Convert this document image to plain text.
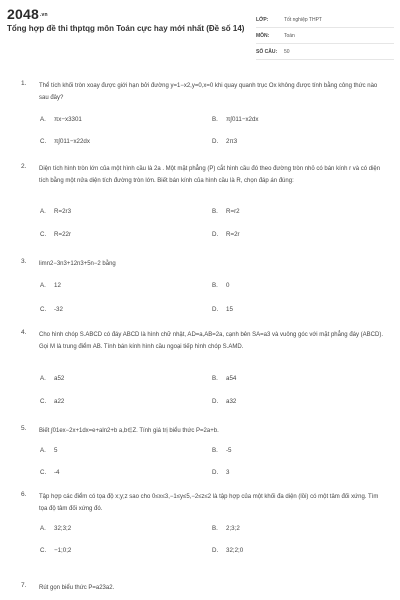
2048.vn
Tổng hợp đề thi thptqg môn Toán cực hay mới nhất (Đề số 14)
LỚP:	Tốt nghiệp THPT
MÔN:	Toán
SỐ CÂU:	50
1. Thể tích khối tròn xoay được giới hạn bởi đường y=1−x2,y=0,x=0 khi quay quanh trục Ox không được tính bằng công thức nào sau đây?
A.	πx−x3301	B.	π∫011−x2dx
C.	π∫011−x22dx	D.	2π3
2. Diện tích hình tròn lớn của một hình cầu là 2a . Một mặt phẳng (P) cắt hình cầu đó theo đường tròn nhỏ có bán kính r và có diện tích bằng một nửa diện tích đường tròn lớn. Biết bán kính của hình cầu là R, chọn đáp án đúng:
A.	R=2r3	B.	R=r2
C.	R=22r	D.	R=2r
3. limn2−3n3+12n3+5n−2 bằng
A.	12	B.	0
C.	-32	D.	15
4. Cho hình chóp S.ABCD có đáy ABCD là hình chữ nhật, AD=a,AB=2a, cạnh bên SA=a3 và vuông góc với mặt phẳng đáy (ABCD). Gọi M là trung điểm AB. Tính bán kính hình cầu ngoại tiếp hình chóp S.AMD.
A.	a52	B.	a54
C.	a22	D.	a32
5. Biết ∫01ex−2x+1dx=e+aln2+b a,b∈Z. Tính giá trị biểu thức P=2a+b.
A.	5	B.	-5
C.	-4	D.	3
6. Tập hợp các điểm có tọa độ x;y;z sao cho 0≤x≤3,−1≤y≤5,−2≤z≤2 là tập hợp của một khối đa diện (lồi) có một tâm đối xứng. Tìm tọa độ tâm đối xứng đó.
A.	32;3;2	B.	2;3;2
C.	−1;0;2	D.	32;2;0
7. Rút gọn biểu thức P=a23a2.
